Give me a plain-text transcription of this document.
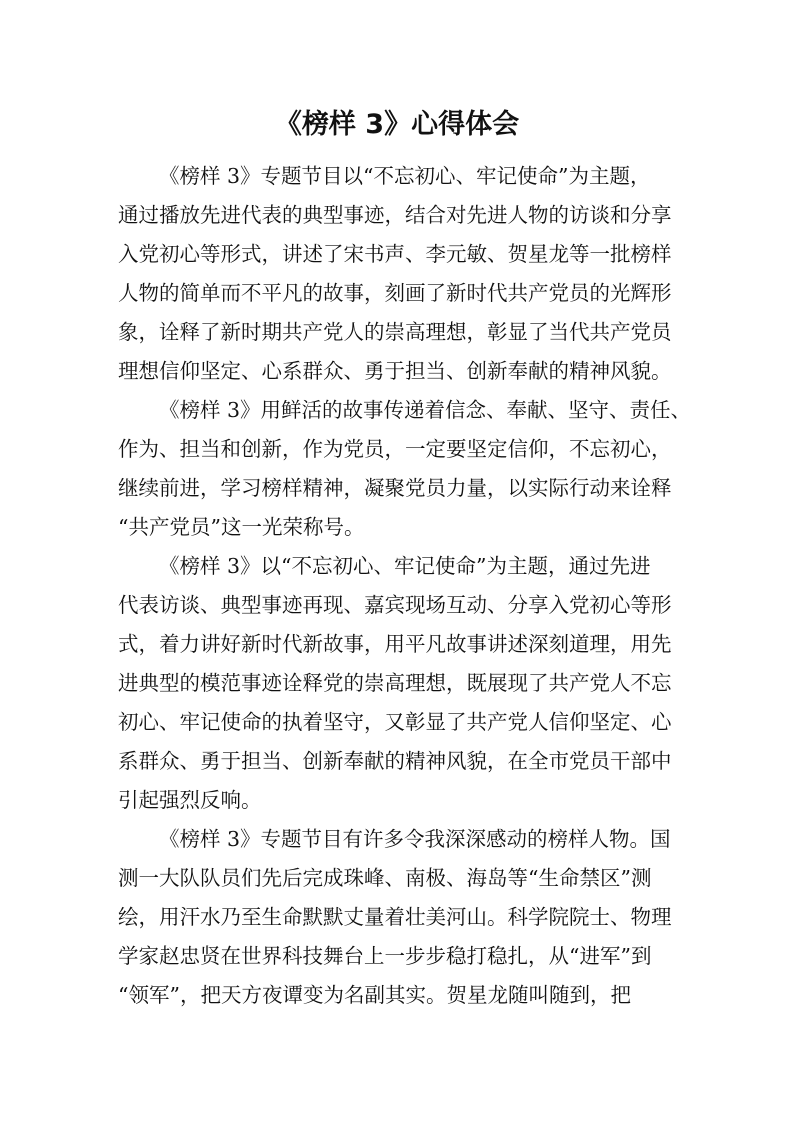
《榜样 3》心得体会
《榜样 3》专题节目以“不忘初心、牢记使命”为主题，
通过播放先进代表的典型事迹，结合对先进人物的访谈和分享
入党初心等形式，讲述了宋书声、李元敏、贺星龙等一批榜样
人物的简单而不平凡的故事，刻画了新时代共产党员的光辉形
象，诠释了新时期共产党人的崇高理想，彰显了当代共产党员
理想信仰坚定、心系群众、勇于担当、创新奉献的精神风貌。
《榜样 3》用鲜活的故事传递着信念、奉献、坚守、责任、
作为、担当和创新，作为党员，一定要坚定信仰，不忘初心，
继续前进，学习榜样精神，凝聚党员力量，以实际行动来诠释
“共产党员”这一光荣称号。
《榜样 3》以“不忘初心、牢记使命”为主题，通过先进
代表访谈、典型事迹再现、嘉宾现场互动、分享入党初心等形
式，着力讲好新时代新故事，用平凡故事讲述深刻道理，用先
进典型的模范事迹诠释党的崇高理想，既展现了共产党人不忘
初心、牢记使命的执着坚守，又彰显了共产党人信仰坚定、心
系群众、勇于担当、创新奉献的精神风貌，在全市党员干部中
引起强烈反响。
《榜样 3》专题节目有许多令我深深感动的榜样人物。国
测一大队队员们先后完成珠峰、南极、海岛等“生命禁区”测
绘，用汗水乃至生命默默丈量着壮美河山。科学院院士、物理
学家赵忠贤在世界科技舞台上一步步稳打稳扎，从“进军”到
“领军”，把天方夜谭变为名副其实。贺星龙随叫随到，把
